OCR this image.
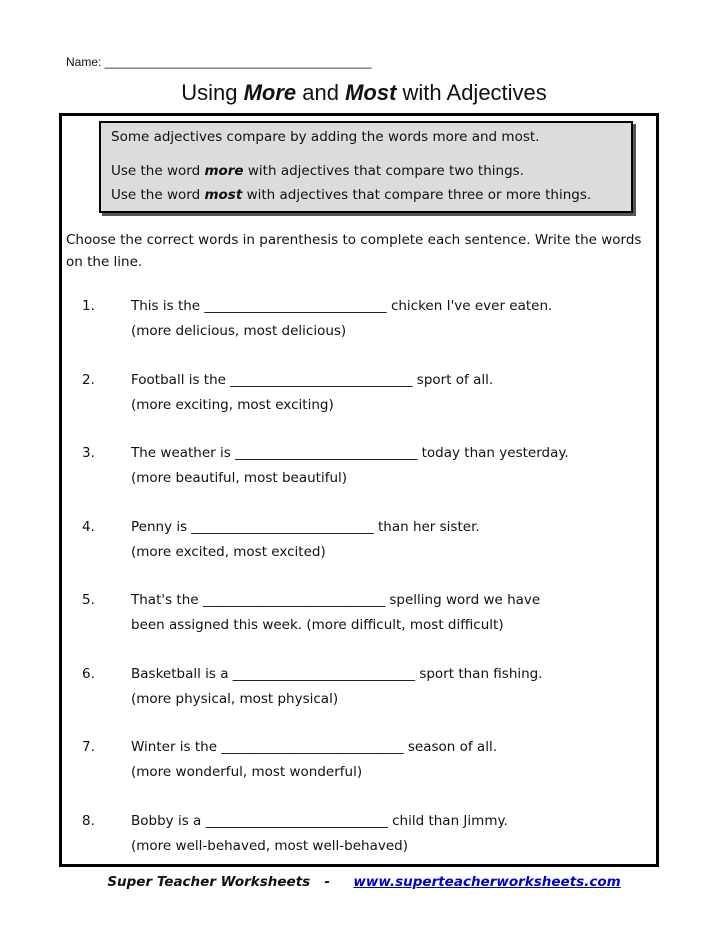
Name: ________________________________________
Using More and Most with Adjectives
Some adjectives compare by adding the words more and most.
Use the word more with adjectives that compare two things.
Use the word most with adjectives that compare three or more things.
Choose the correct words in parenthesis to complete each sentence. Write the words on the line.
1.	This is the ___________________________ chicken I've ever eaten.
(more delicious, most delicious)
2.	Football is the ___________________________ sport of all.
(more exciting, most exciting)
3.	The weather is ___________________________ today than yesterday.
(more beautiful, most beautiful)
4.	Penny is ___________________________ than her sister.
(more excited, most excited)
5.	That's the ___________________________ spelling word we have
been assigned this week. (more difficult, most difficult)
6.	Basketball is a ___________________________ sport than fishing.
(more physical, most physical)
7.	Winter is the ___________________________ season of all.
(more wonderful, most wonderful)
8.	Bobby is a ___________________________ child than Jimmy.
(more well-behaved, most well-behaved)
Super Teacher Worksheets - www.superteacherworksheets.com
